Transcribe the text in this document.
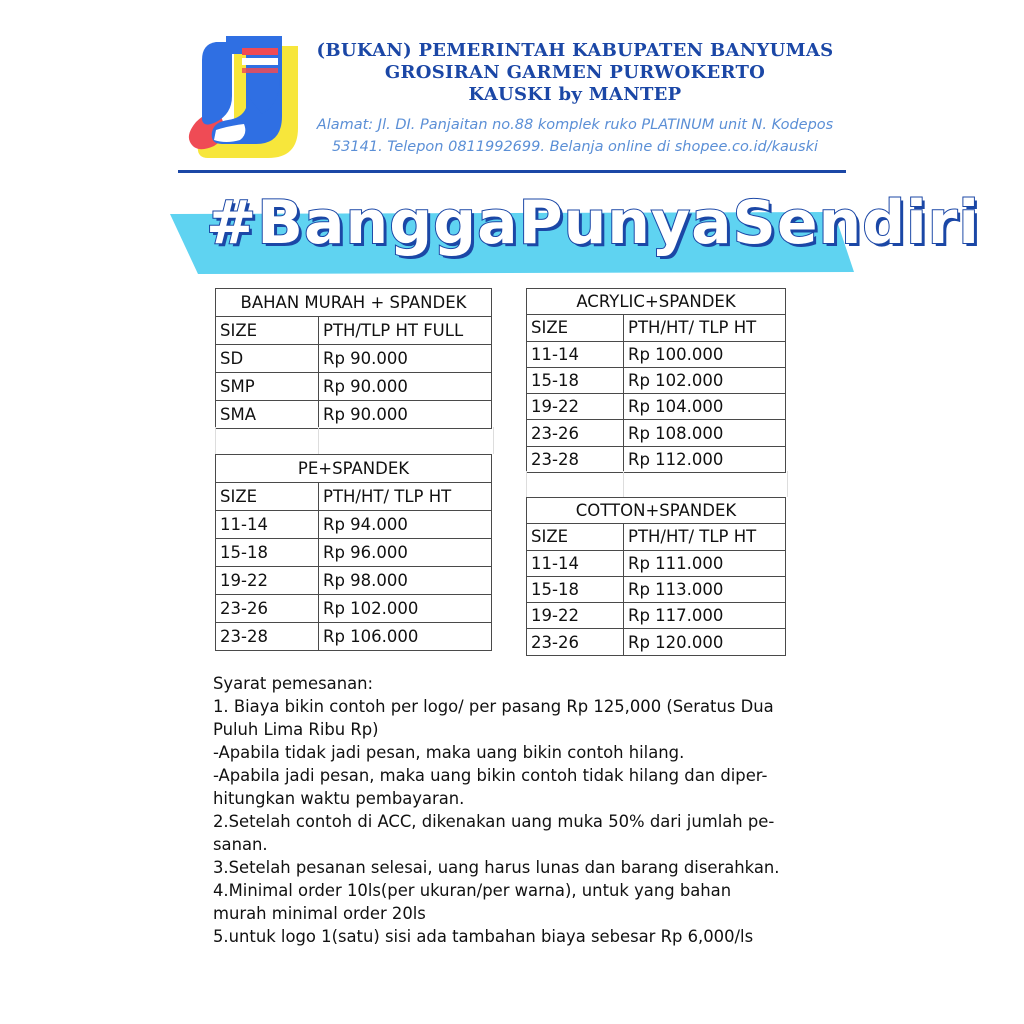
(BUKAN) PEMERINTAH KABUPATEN BANYUMAS
GROSIRAN GARMEN PURWOKERTO
KAUSKI by MANTEP
Alamat: Jl. DI. Panjaitan no.88 komplek ruko PLATINUM unit N. Kodepos
53141. Telepon 0811992699. Belanja online di shopee.co.id/kauski
#BanggaPunyaSendiri
BAHAN MURAH + SPANDEK	
SIZE	PTH/TLP HT FULL
SD	Rp 90.000
SMP	Rp 90.000
SMA	Rp 90.000
PE+SPANDEK	
SIZE	PTH/HT/ TLP HT
11-14	Rp 94.000
15-18	Rp 96.000
19-22	Rp 98.000
23-26	Rp 102.000
23-28	Rp 106.000
ACRYLIC+SPANDEK	
SIZE	PTH/HT/ TLP HT
11-14	Rp 100.000
15-18	Rp 102.000
19-22	Rp 104.000
23-26	Rp 108.000
23-28	Rp 112.000
COTTON+SPANDEK	
SIZE	PTH/HT/ TLP HT
11-14	Rp 111.000
15-18	Rp 113.000
19-22	Rp 117.000
23-26	Rp 120.000
Syarat pemesanan:
1. Biaya bikin contoh per logo/ per pasang Rp 125,000 (Seratus Dua
Puluh Lima Ribu Rp)
-Apabila tidak jadi pesan, maka uang bikin contoh hilang.
-Apabila jadi pesan, maka uang bikin contoh tidak hilang dan diper-
hitungkan waktu pembayaran.
2.Setelah contoh di ACC, dikenakan uang muka 50% dari jumlah pe-
sanan.
3.Setelah pesanan selesai, uang harus lunas dan barang diserahkan.
4.Minimal order 10ls(per ukuran/per warna), untuk yang bahan
murah minimal order 20ls
5.untuk logo 1(satu) sisi ada tambahan biaya sebesar Rp 6,000/ls
